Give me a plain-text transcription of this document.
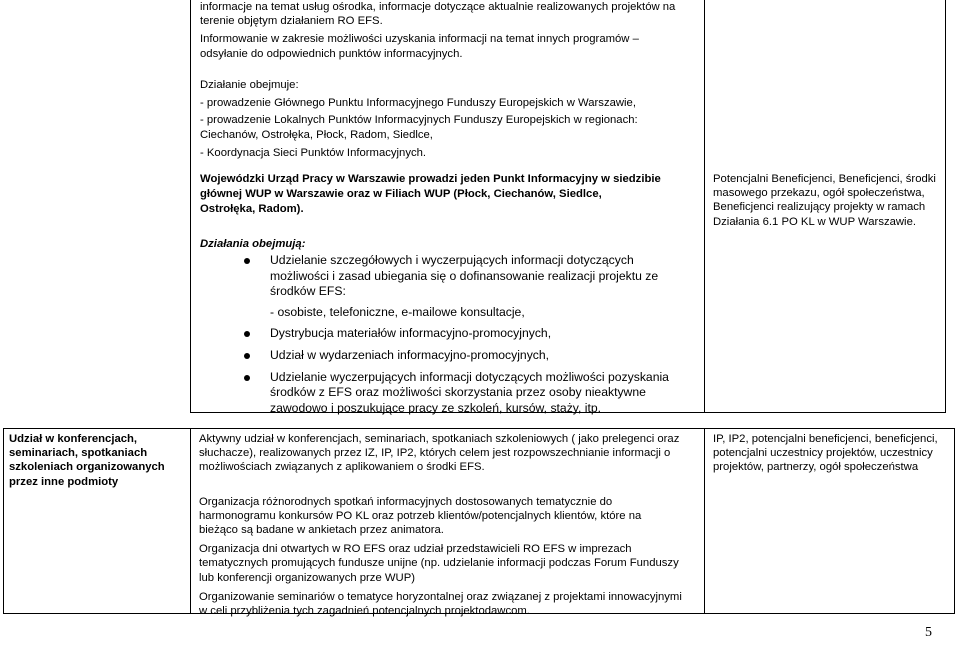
informacje na temat usług ośrodka, informacje dotyczące aktualnie realizowanych projektów na

terenie objętym działaniem RO EFS.

Informowanie w zakresie możliwości uzyskania informacji na temat innych programów –

odsyłanie do odpowiednich punktów informacyjnych.

Działanie obejmuje:

- prowadzenie Głównego Punktu Informacyjnego Funduszy Europejskich w Warszawie,

- prowadzenie Lokalnych Punktów Informacyjnych Funduszy Europejskich w regionach:

Ciechanów, Ostrołęka, Płock, Radom, Siedlce,

- Koordynacja Sieci Punktów Informacyjnych.

Wojewódzki Urząd Pracy w Warszawie prowadzi jeden Punkt Informacyjny w siedzibie

głównej WUP w Warszawie oraz w Filiach WUP (Płock, Ciechanów, Siedlce,

Ostrołęka, Radom).

Działania obejmują:

Udzielanie szczegółowych i wyczerpujących informacji dotyczących

możliwości i zasad ubiegania się o dofinansowanie realizacji projektu ze

środków EFS:

- osobiste, telefoniczne, e-mailowe konsultacje,

Dystrybucja materiałów informacyjno-promocyjnych,

Udział w wydarzeniach informacyjno-promocyjnych,

Udzielanie wyczerpujących informacji dotyczących możliwości pozyskania

środków z EFS oraz możliwości skorzystania przez osoby nieaktywne

zawodowo i poszukujące pracy ze szkoleń, kursów, staży, itp.

Potencjalni Beneficjenci, Beneficjenci, środki

masowego przekazu, ogół społeczeństwa,

Beneficjenci realizujący projekty w ramach

Działania 6.1 PO KL w WUP Warszawie.

Udział w konferencjach,

seminariach, spotkaniach

szkoleniach organizowanych

przez inne podmioty

Aktywny udział w konferencjach, seminariach, spotkaniach szkoleniowych ( jako prelegenci oraz

słuchacze), realizowanych przez IZ, IP, IP2, których celem jest rozpowszechnianie informacji o

możliwościach związanych z aplikowaniem o środki EFS.

Organizacja różnorodnych spotkań informacyjnych dostosowanych tematycznie do

harmonogramu konkursów PO KL oraz potrzeb klientów/potencjalnych klientów, które na

bieżąco są badane w ankietach przez animatora.

Organizacja dni otwartych w RO EFS oraz udział przedstawicieli RO EFS w imprezach

tematycznych promujących fundusze unijne (np. udzielanie informacji podczas Forum Funduszy

lub konferencji organizowanych prze WUP)

Organizowanie seminariów o tematyce horyzontalnej oraz związanej z projektami innowacyjnymi

w celi przybliżenia tych zagadnień potencjalnych projektodawcom.

IP, IP2, potencjalni beneficjenci, beneficjenci,

potencjalni uczestnicy projektów, uczestnicy

projektów, partnerzy, ogół społeczeństwa

5
